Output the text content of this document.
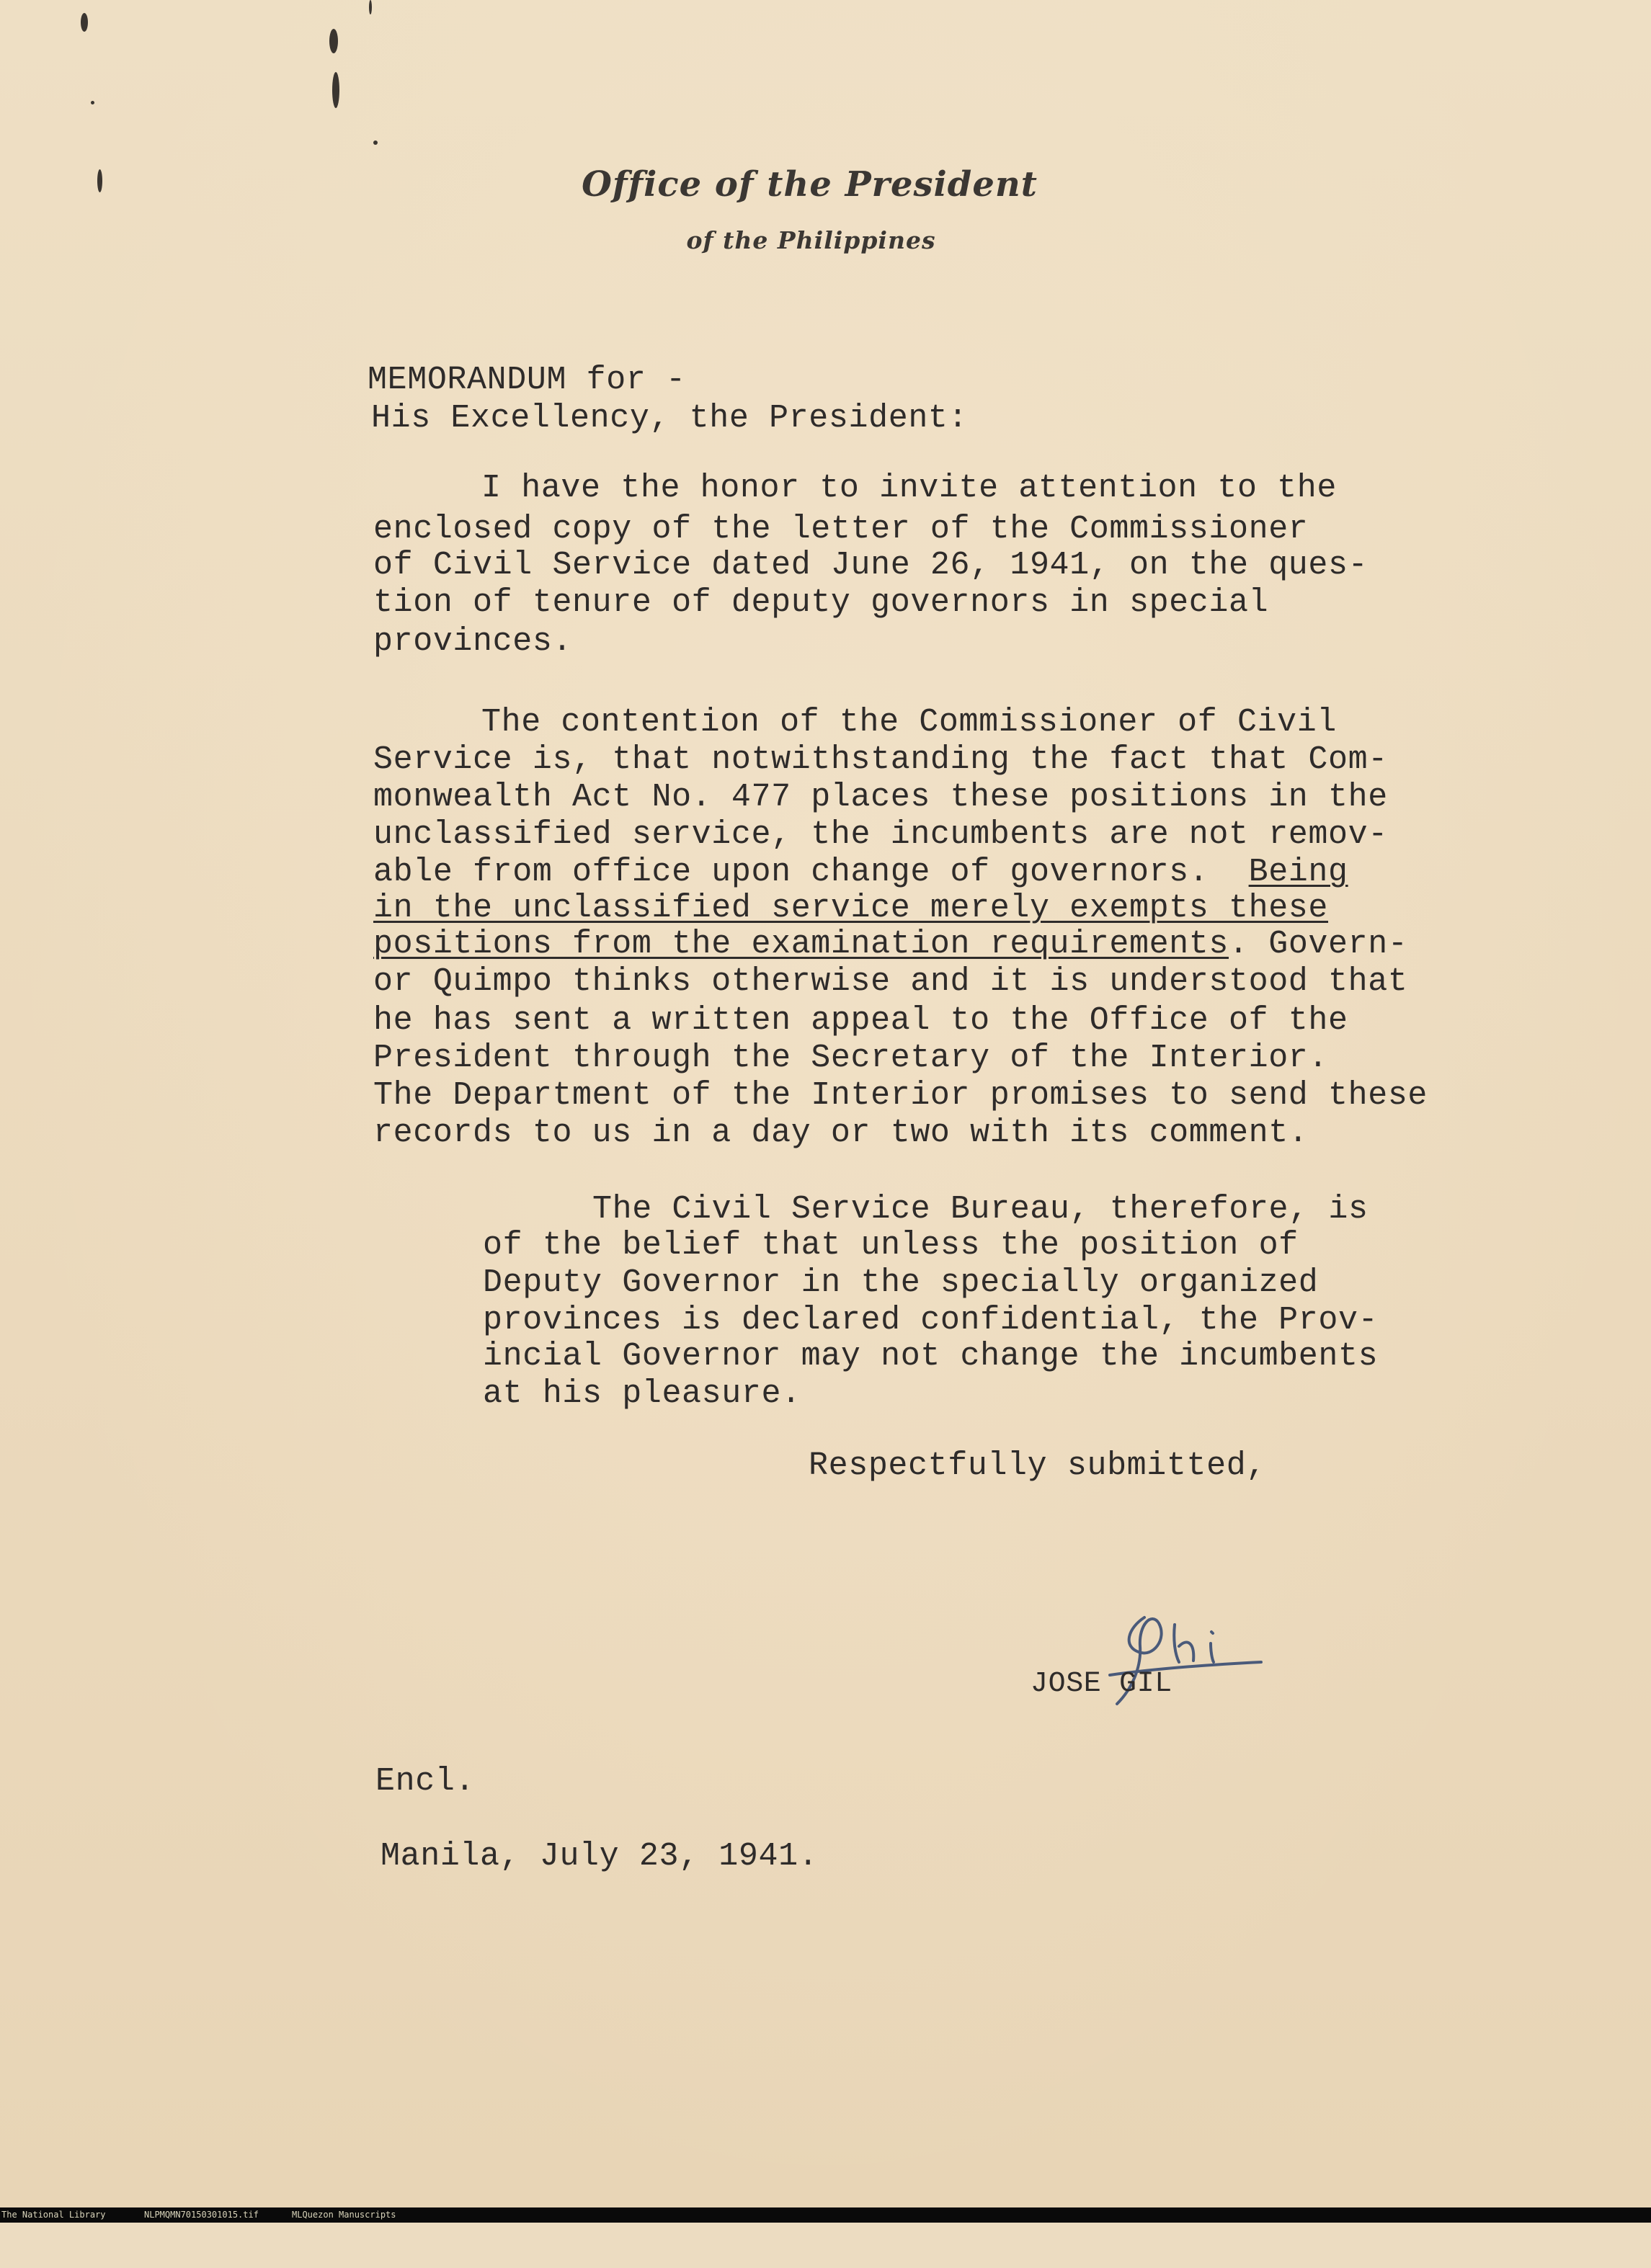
Office of the President
of the Philippines
MEMORANDUM for -
His Excellency, the President:
I have the honor to invite attention to the
enclosed copy of the letter of the Commissioner
of Civil Service dated June 26, 1941, on the ques-
tion of tenure of deputy governors in special
provinces.
The contention of the Commissioner of Civil
Service is, that notwithstanding the fact that Com-
monwealth Act No. 477 places these positions in the
unclassified service, the incumbents are not remov-
able from office upon change of governors.  Being
in the unclassified service merely exempts these
positions from the examination requirements. Govern-
or Quimpo thinks otherwise and it is understood that
he has sent a written appeal to the Office of the
President through the Secretary of the Interior.
The Department of the Interior promises to send these
records to us in a day or two with its comment.
The Civil Service Bureau, therefore, is
of the belief that unless the position of
Deputy Governor in the specially organized
provinces is declared confidential, the Prov-
incial Governor may not change the incumbents
at his pleasure.
Respectfully submitted,
JOSE GIL
Encl.
Manila, July 23, 1941.

The National Library

	NLPMQMN70150301015.tif

	MLQuezon Manuscripts
